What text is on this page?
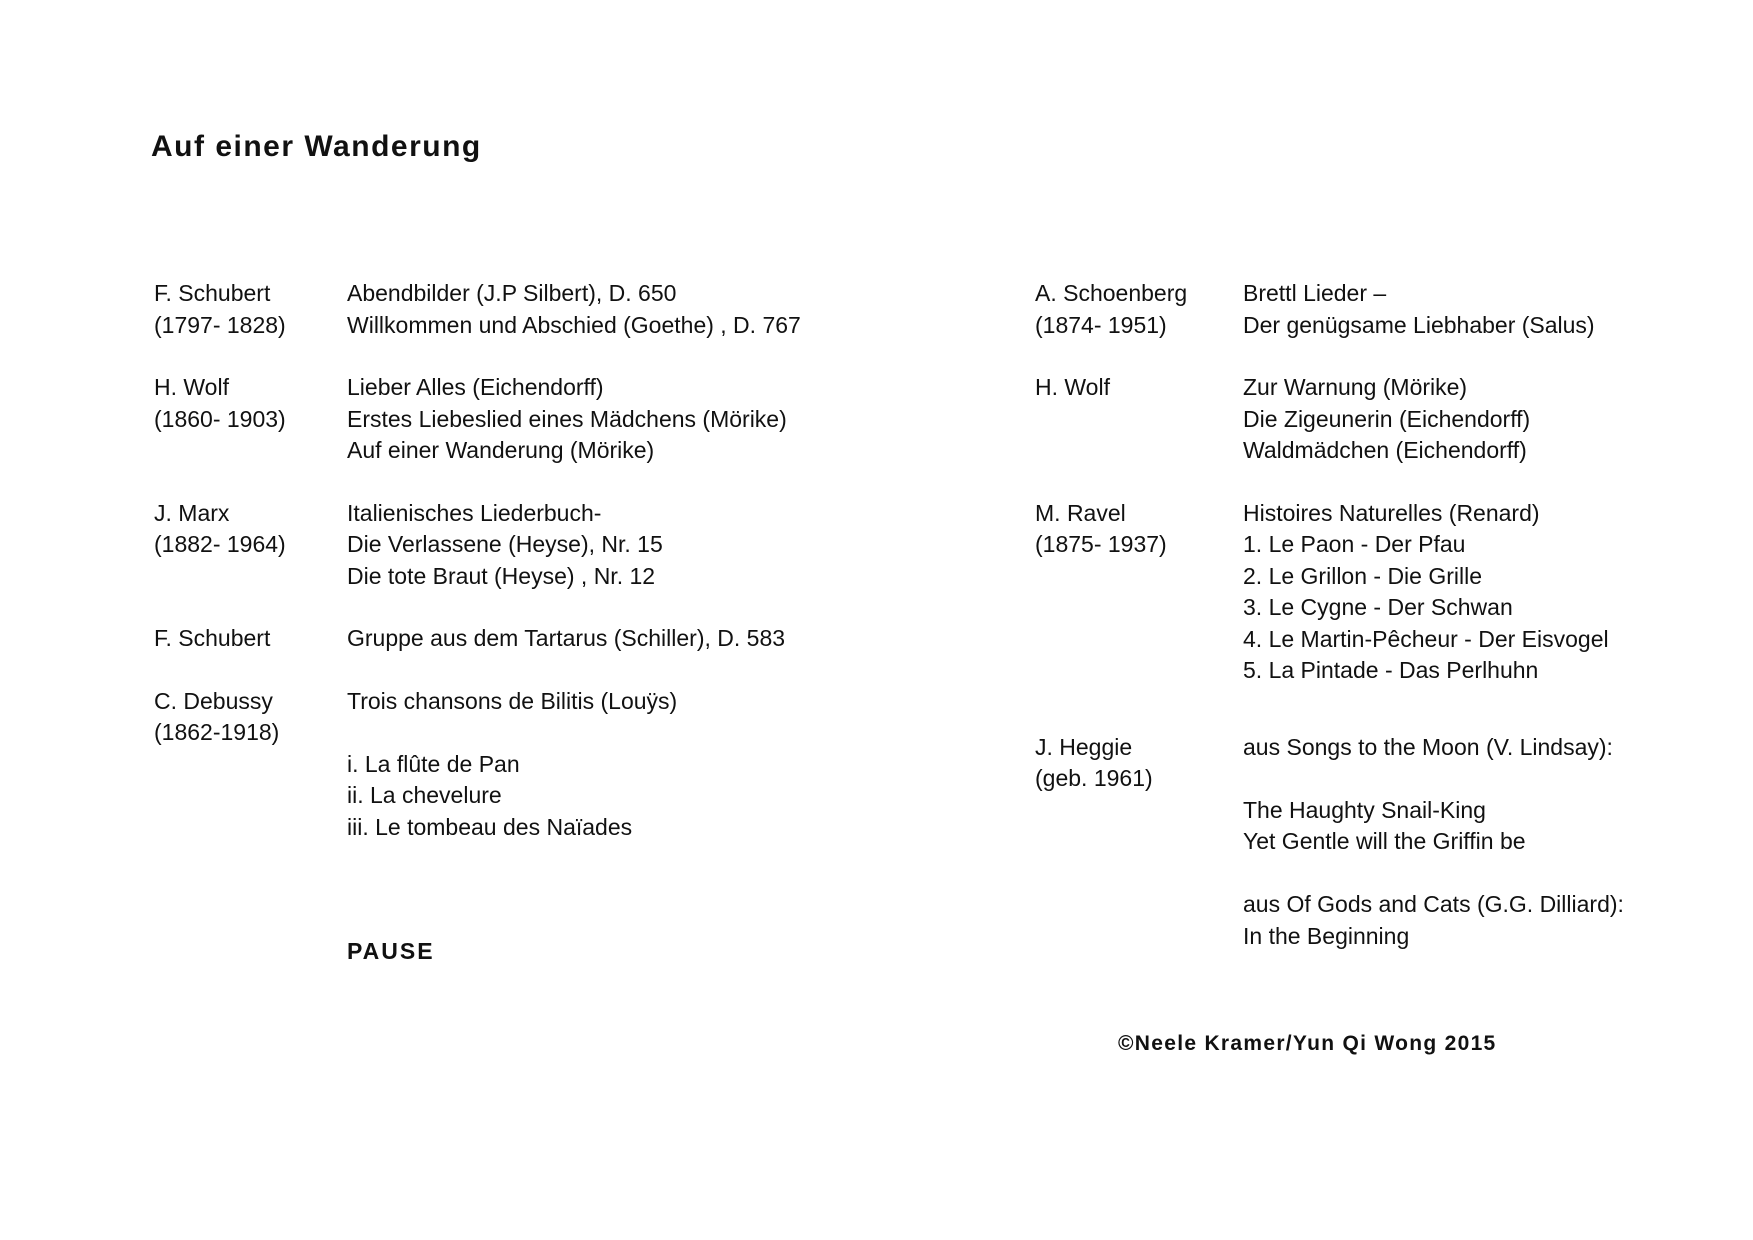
Auf einer Wanderung
F. Schubert
(1797- 1828)
Abendbilder (J.P Silbert), D. 650
Willkommen und Abschied (Goethe) , D. 767
H. Wolf
(1860- 1903)
Lieber Alles (Eichendorff)
Erstes Liebeslied eines Mädchens (Mörike)
Auf einer Wanderung (Mörike)
J. Marx
(1882- 1964)
Italienisches Liederbuch-
Die Verlassene (Heyse), Nr. 15
Die tote Braut (Heyse) , Nr. 12
F. Schubert	Gruppe aus dem Tartarus (Schiller), D. 583
C. Debussy
(1862-1918)
Trois chansons de Bilitis (Louÿs)
i. La flûte de Pan
ii. La chevelure
iii. Le tombeau des Naïades
PAUSE
A. Schoenberg
(1874- 1951)
Brettl Lieder –
Der genügsame Liebhaber (Salus)
H. Wolf	Zur Warnung (Mörike)
Die Zigeunerin (Eichendorff)
Waldmädchen (Eichendorff)
M. Ravel
(1875- 1937)
Histoires Naturelles (Renard)
1. Le Paon - Der Pfau
2. Le Grillon - Die Grille
3. Le Cygne - Der Schwan
4. Le Martin-Pêcheur - Der Eisvogel
5. La Pintade - Das Perlhuhn
J. Heggie
(geb. 1961)
aus Songs to the Moon (V. Lindsay):
The Haughty Snail-King
Yet Gentle will the Griffin be
aus Of Gods and Cats (G.G. Dilliard):
In the Beginning
©Neele Kramer/Yun Qi Wong 2015
